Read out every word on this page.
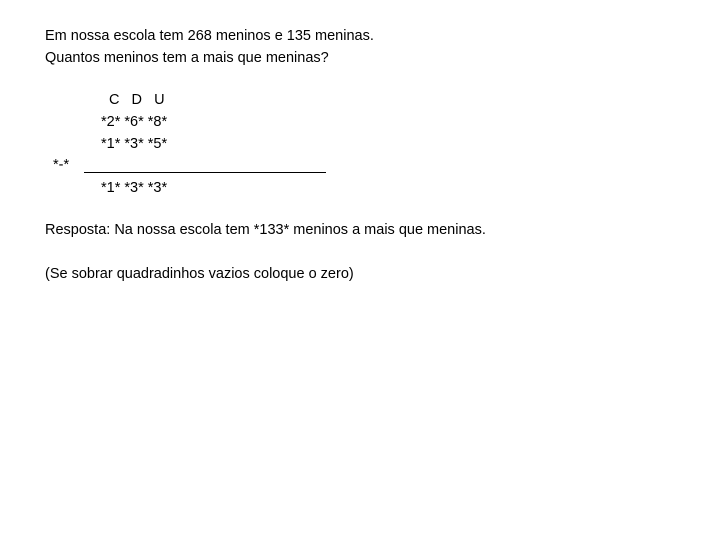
Em nossa escola tem 268 meninos e 135 meninas.
Quantos meninos tem a mais que meninas?
C   D   U
*2* *6* *8*
*1* *3* *5*
*-*
*1* *3* *3*
Resposta: Na nossa escola tem *133* meninos a mais que meninas.
(Se sobrar quadradinhos vazios coloque o zero)
